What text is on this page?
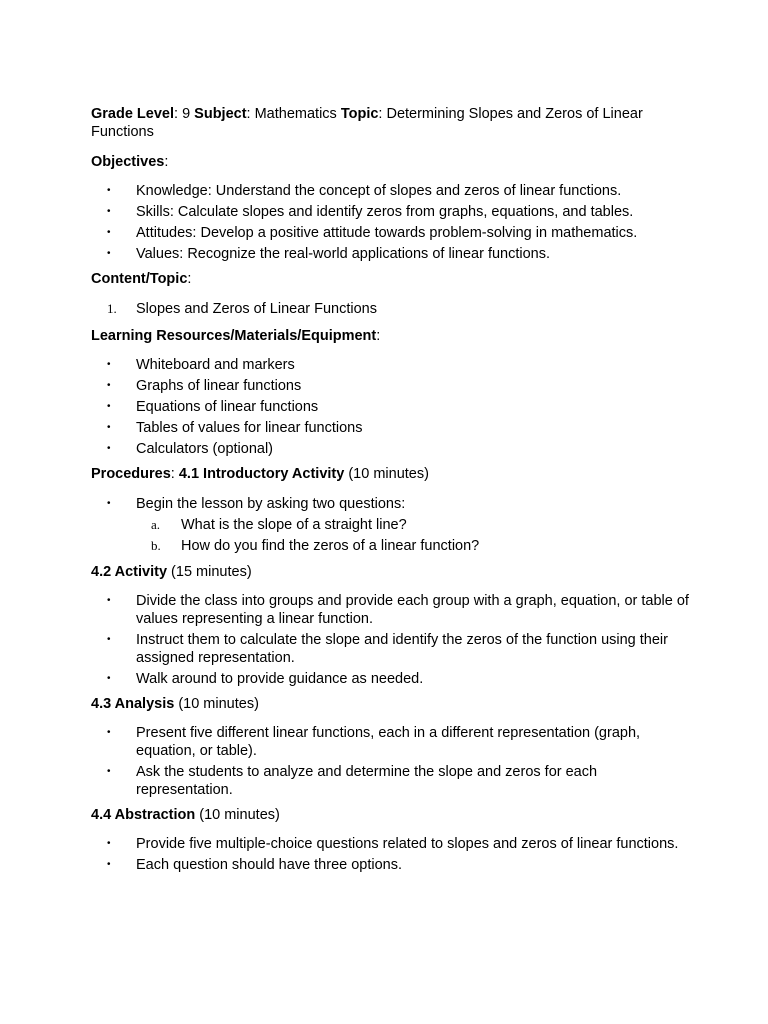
Grade Level: 9 Subject: Mathematics Topic: Determining Slopes and Zeros of Linear Functions

Objectives:

• Knowledge: Understand the concept of slopes and zeros of linear functions.
• Skills: Calculate slopes and identify zeros from graphs, equations, and tables.
• Attitudes: Develop a positive attitude towards problem-solving in mathematics.
• Values: Recognize the real-world applications of linear functions.

Content/Topic:

1. Slopes and Zeros of Linear Functions

Learning Resources/Materials/Equipment:

• Whiteboard and markers
• Graphs of linear functions
• Equations of linear functions
• Tables of values for linear functions
• Calculators (optional)

Procedures: 4.1 Introductory Activity (10 minutes)

• Begin the lesson by asking two questions:
a. What is the slope of a straight line?
b. How do you find the zeros of a linear function?

4.2 Activity (15 minutes)

• Divide the class into groups and provide each group with a graph, equation, or table of values representing a linear function.
• Instruct them to calculate the slope and identify the zeros of the function using their assigned representation.
• Walk around to provide guidance as needed.

4.3 Analysis (10 minutes)

• Present five different linear functions, each in a different representation (graph, equation, or table).
• Ask the students to analyze and determine the slope and zeros for each representation.

4.4 Abstraction (10 minutes)

• Provide five multiple-choice questions related to slopes and zeros of linear functions.
• Each question should have three options.
